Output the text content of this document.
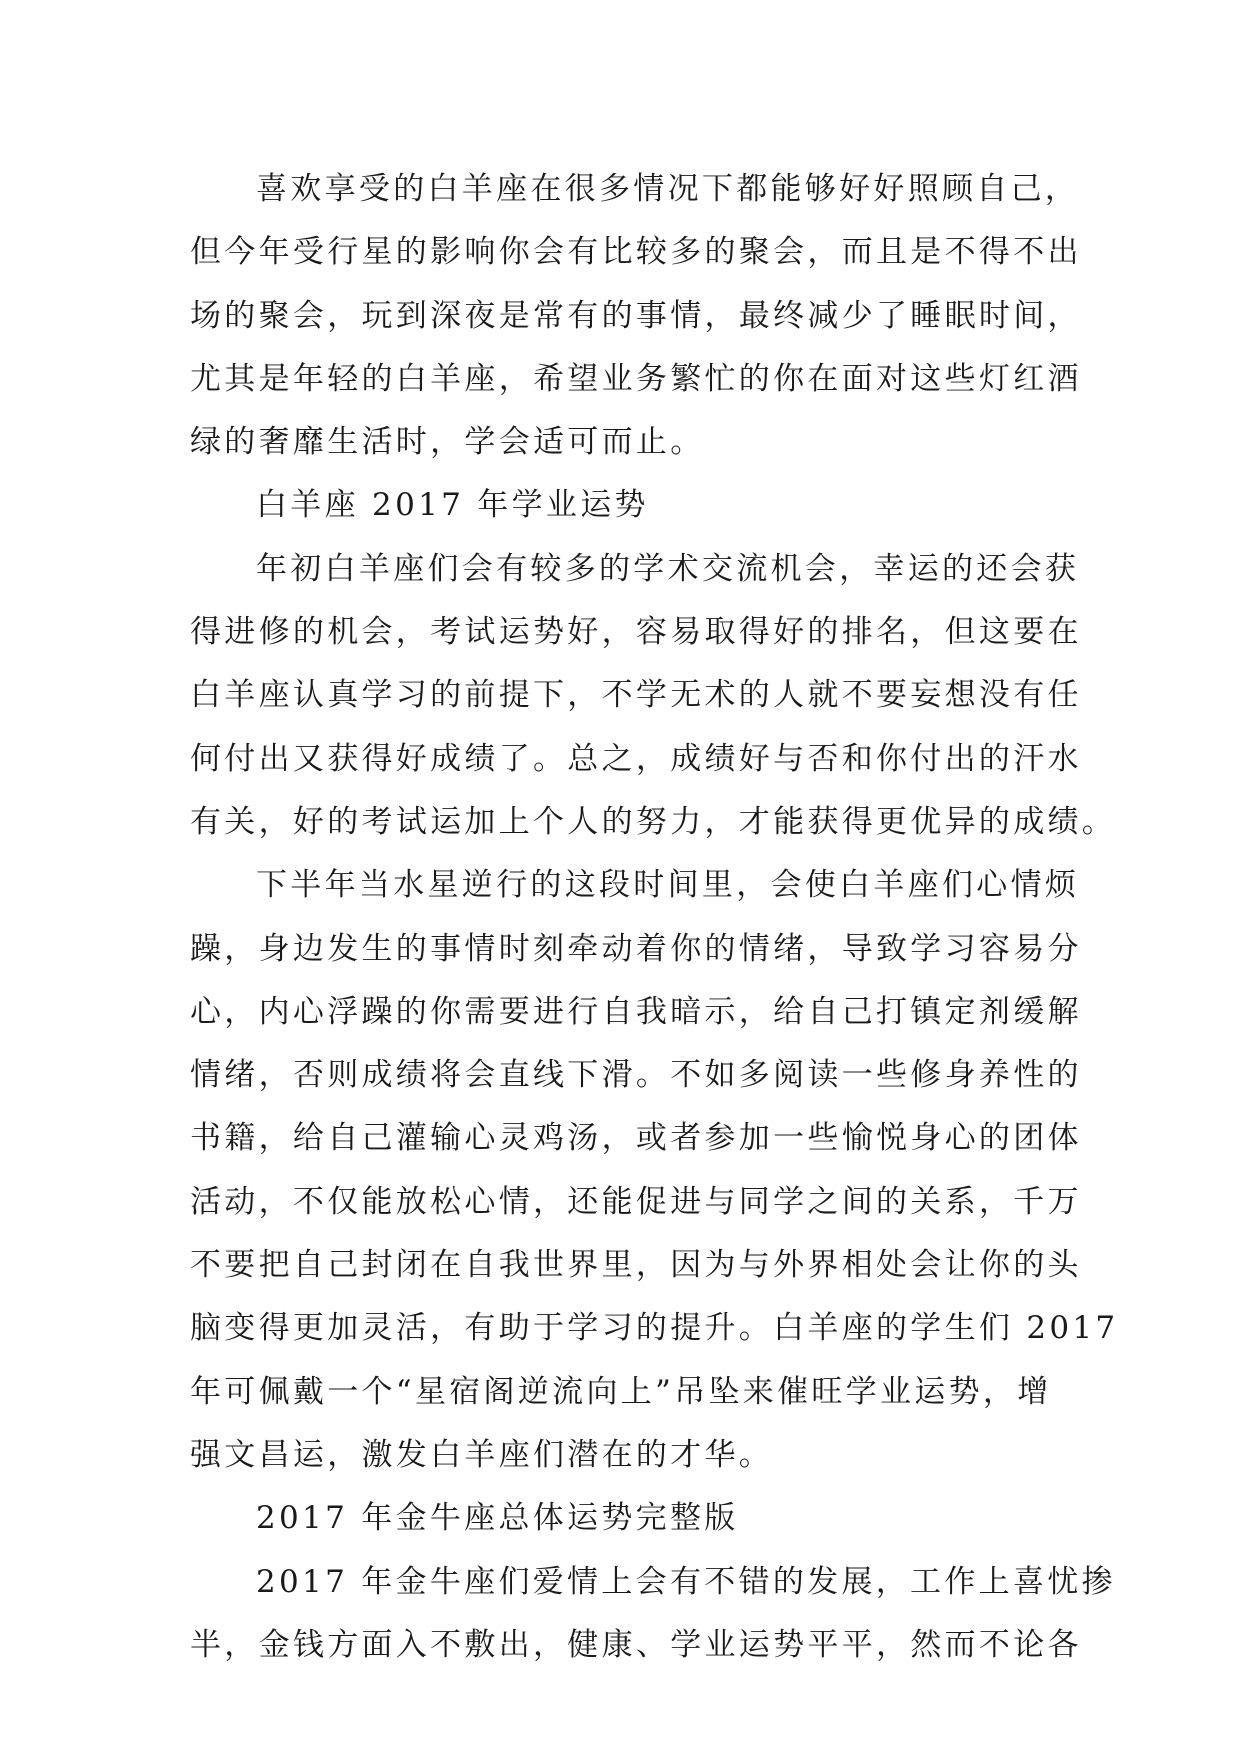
喜欢享受的白羊座在很多情况下都能够好好照顾自己，
但今年受行星的影响你会有比较多的聚会，而且是不得不出
场的聚会，玩到深夜是常有的事情，最终减少了睡眠时间，
尤其是年轻的白羊座，希望业务繁忙的你在面对这些灯红酒
绿的奢靡生活时，学会适可而止。
白羊座 2017 年学业运势
年初白羊座们会有较多的学术交流机会，幸运的还会获
得进修的机会，考试运势好，容易取得好的排名，但这要在
白羊座认真学习的前提下，不学无术的人就不要妄想没有任
何付出又获得好成绩了。总之，成绩好与否和你付出的汗水
有关，好的考试运加上个人的努力，才能获得更优异的成绩。
下半年当水星逆行的这段时间里，会使白羊座们心情烦
躁，身边发生的事情时刻牵动着你的情绪，导致学习容易分
心，内心浮躁的你需要进行自我暗示，给自己打镇定剂缓解
情绪，否则成绩将会直线下滑。不如多阅读一些修身养性的
书籍，给自己灌输心灵鸡汤，或者参加一些愉悦身心的团体
活动，不仅能放松心情，还能促进与同学之间的关系，千万
不要把自己封闭在自我世界里，因为与外界相处会让你的头
脑变得更加灵活，有助于学习的提升。白羊座的学生们 2017
年可佩戴一个“星宿阁逆流向上”吊坠来催旺学业运势，增
强文昌运，激发白羊座们潜在的才华。
2017 年金牛座总体运势完整版
2017 年金牛座们爱情上会有不错的发展，工作上喜忧掺
半，金钱方面入不敷出，健康、学业运势平平，然而不论各
